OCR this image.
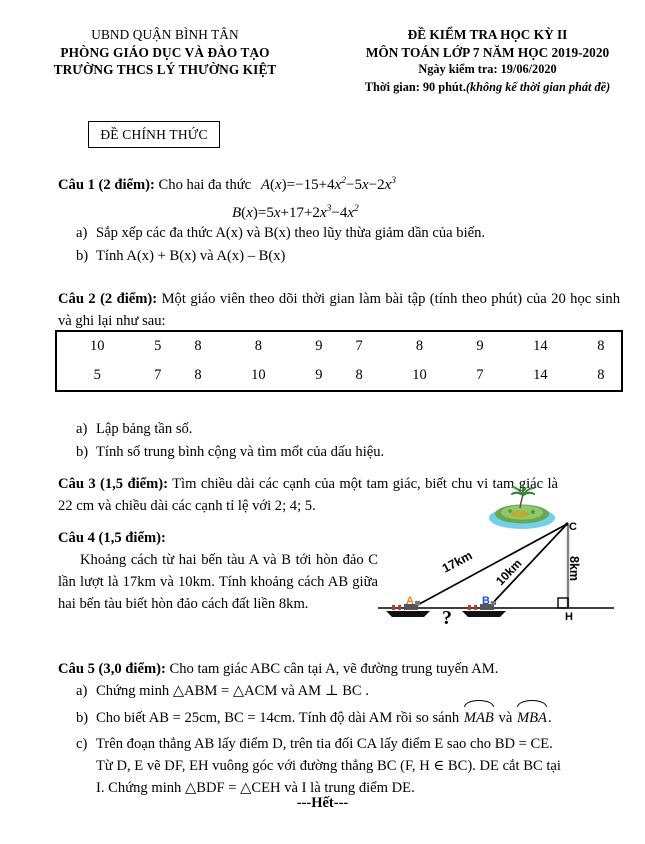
UBND QUẬN BÌNH TÂN
PHÒNG GIÁO DỤC VÀ ĐÀO TẠO
TRƯỜNG THCS LÝ THƯỜNG KIỆT
ĐỀ KIỂM TRA HỌC KỲ II
MÔN TOÁN LỚP 7 NĂM HỌC 2019-2020
Ngày kiểm tra: 19/06/2020
Thời gian: 90 phút.(không kể thời gian phát đề)
ĐỀ CHÍNH THỨC
Câu 1 (2 điểm): Cho hai đa thức $A(x)=-15+4x^2-5x-2x^3$
$B(x)=5x+17+2x^3-4x^2$
a) Sắp xếp các đa thức A(x) và B(x) theo lũy thừa giảm dần của biến.
b) Tính A(x) + B(x) và A(x) – B(x)
Câu 2 (2 điểm): Một giáo viên theo dõi thời gian làm bài tập (tính theo phút) của 20 học sinh và ghi lại như sau:
10	5	8	8	9	7	8	9	14	8
5	7	8	10	9	8	10	7	14	8
a) Lập bảng tần số.
b) Tính số trung bình cộng và tìm mốt của dấu hiệu.
Câu 3 (1,5 điểm): Tìm chiều dài các cạnh của một tam giác, biết chu vi tam giác là 22 cm và chiều dài các cạnh tỉ lệ với 2; 4; 5.
Câu 4 (1,5 điểm):
Khoảng cách từ hai bến tàu A và B tới hòn đảo C lần lượt là 17km và 10km. Tính khoảng cách AB giữa hai bến tàu biết hòn đảo cách đất liền 8km.
C
A	B
H
17km 10km	8km
?
Câu 5 (3,0 điểm): Cho tam giác ABC cân tại A, vẽ đường trung tuyến AM.
a) Chứng minh △ABM = △ACM và AM ⊥ BC .
b) Cho biết AB = 25cm, BC = 14cm. Tính độ dài AM rồi so sánh MAB và MBA.
c) Trên đoạn thẳng AB lấy điểm D, trên tia đối CA lấy điểm E sao cho BD = CE.
Từ D, E vẽ DF, EH vuông góc với đường thẳng BC (F, H ∈ BC). DE cắt BC tại
I. Chứng minh △BDF = △CEH và I là trung điểm DE.
---Hết---
